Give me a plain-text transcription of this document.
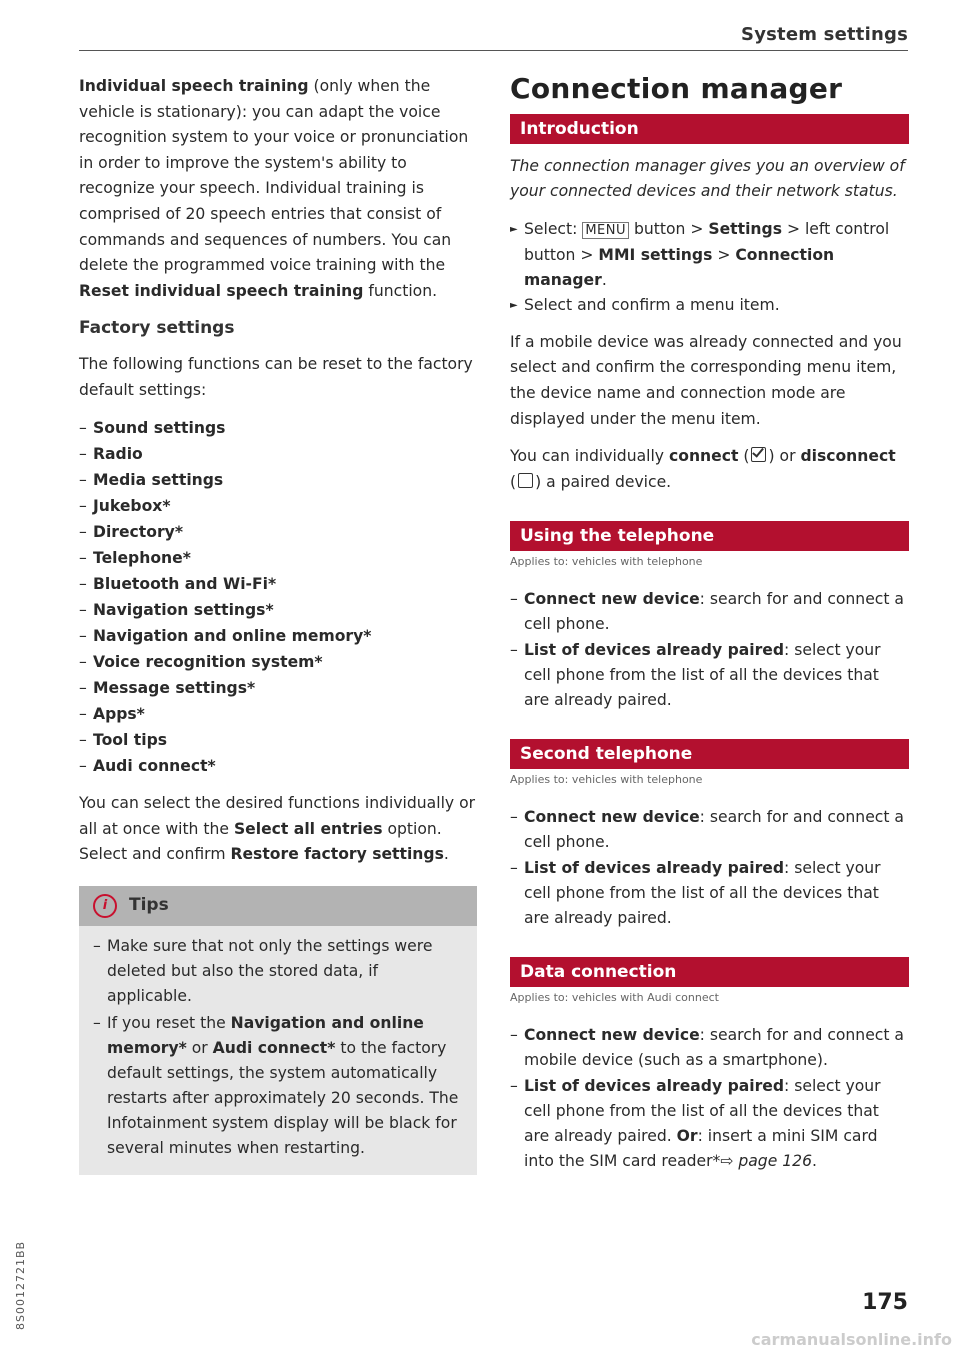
System settings

Individual speech training (only when the vehicle is stationary): you can adapt the voice recognition system to your voice or pronunciation in order to improve the system's ability to recognize your speech. Individual training is comprised of 20 speech entries that consist of commands and sequences of numbers. You can delete the programmed voice training with the Reset individual speech training function.

Factory settings

The following functions can be reset to the factory default settings:

– Sound settings
– Radio
– Media settings
– Jukebox*
– Directory*
– Telephone*
– Bluetooth and Wi-Fi*
– Navigation settings*
– Navigation and online memory*
– Voice recognition system*
– Message settings*
– Apps*
– Tool tips
– Audi connect*

You can select the desired functions individually or all at once with the Select all entries option. Select and confirm Restore factory settings.

i	Tips
– Make sure that not only the settings were deleted but also the stored data, if applicable.
– If you reset the Navigation and online memory* or Audi connect* to the factory default settings, the system automatically restarts after approximately 20 seconds. The Infotainment system display will be black for several minutes when restarting.
Connection manager
Introduction

The connection manager gives you an overview of your connected devices and their network status.

► Select: MENU button > Settings > left control button > MMI settings > Connection manager.
► Select and confirm a menu item.

If a mobile device was already connected and you select and confirm the corresponding menu item, the device name and connection mode are displayed under the menu item.

You can individually connect ( ) or disconnect
( ) a paired device.

Using the telephone
Applies to: vehicles with telephone
– Connect new device: search for and connect a cell phone.
– List of devices already paired: select your cell phone from the list of all the devices that are already paired.
Second telephone
Applies to: vehicles with telephone
– Connect new device: search for and connect a cell phone.
– List of devices already paired: select your cell phone from the list of all the devices that are already paired.
Data connection
Applies to: vehicles with Audi connect
– Connect new device: search for and connect a mobile device (such as a smartphone).
– List of devices already paired: select your cell phone from the list of all the devices that are already paired. Or: insert a mini SIM card into the SIM card reader*⇨ page 126.
175
8S0012721BB
carmanualsonline.info
